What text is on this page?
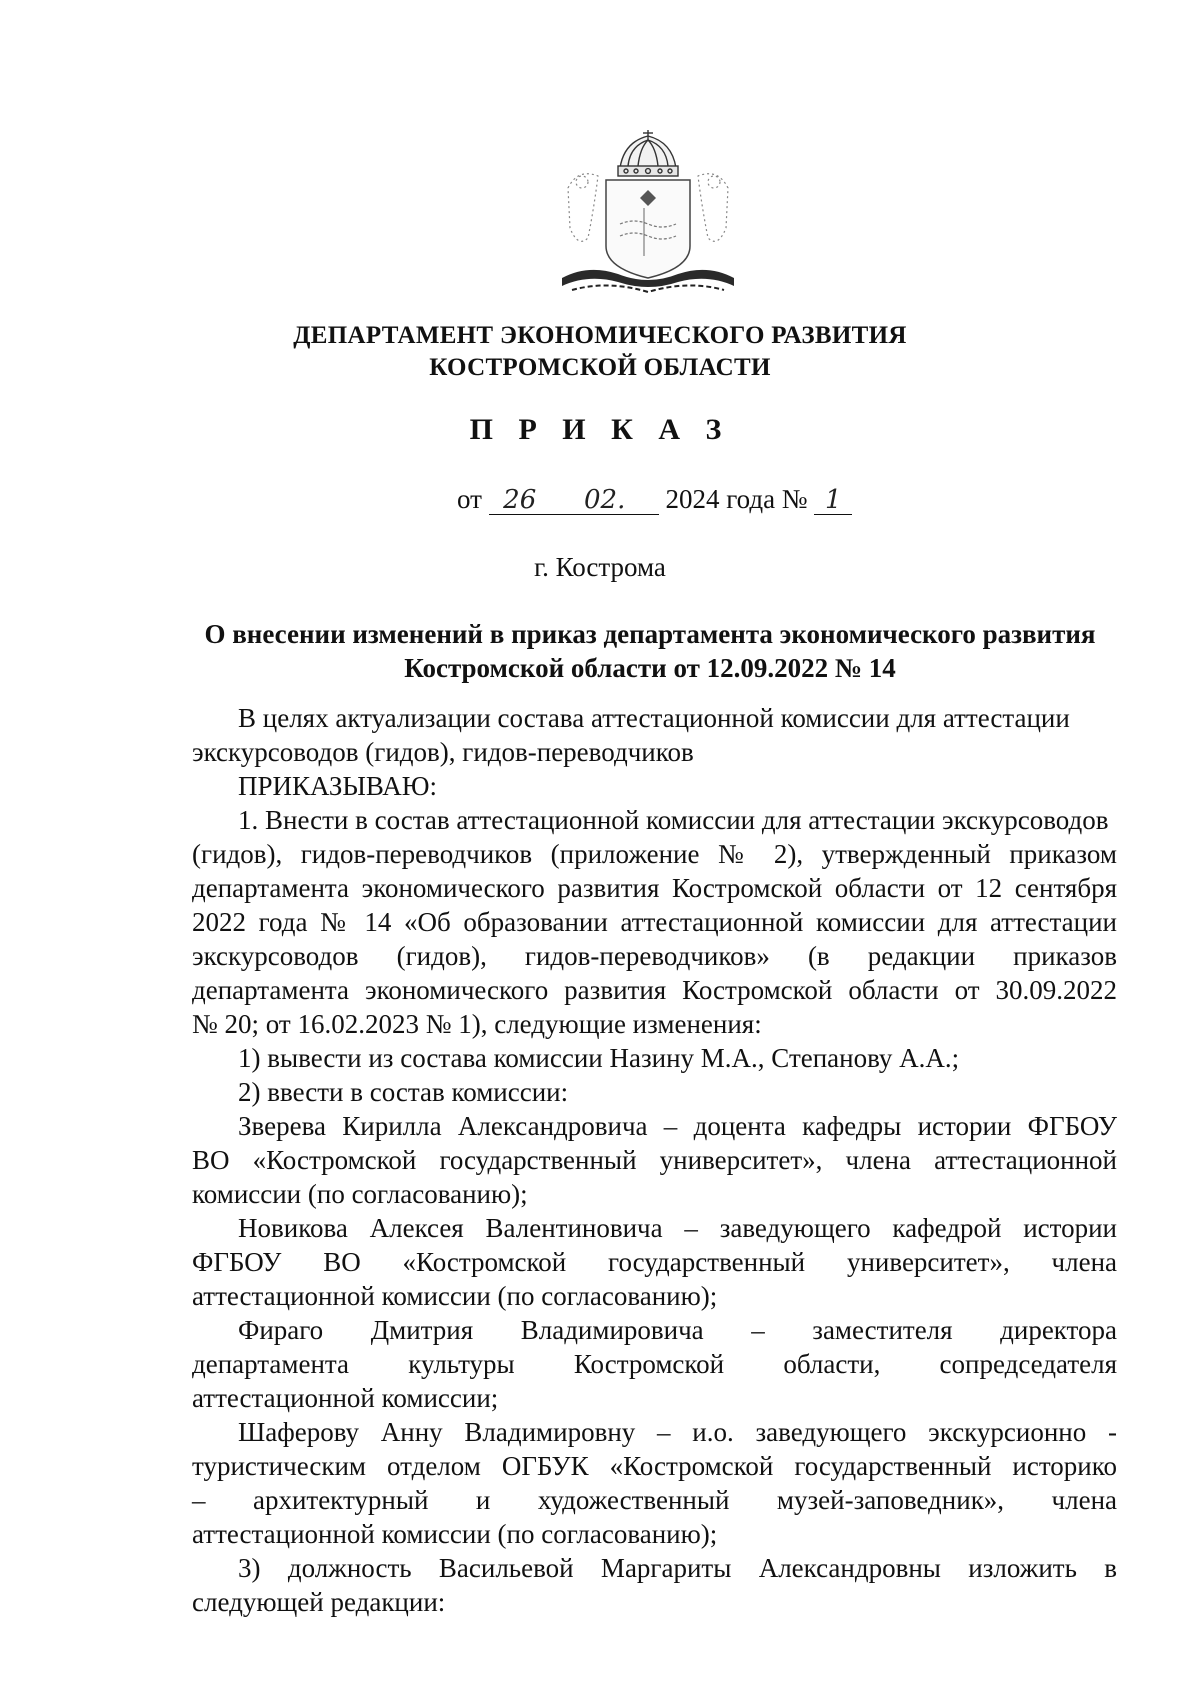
ДЕПАРТАМЕНТ ЭКОНОМИЧЕСКОГО РАЗВИТИЯ
КОСТРОМСКОЙ ОБЛАСТИ
П Р И К А З
от 26 02. 2024 года № 1
г. Кострома
О внесении изменений в приказ департамента экономического развития
Костромской области от 12.09.2022 № 14
В целях актуализации состава аттестационной комиссии для аттестации
экскурсоводов (гидов), гидов-переводчиков
ПРИКАЗЫВАЮ:
1. Внести в состав аттестационной комиссии для аттестации экскурсоводов
(гидов), гидов-переводчиков (приложение № 2), утвержденный приказом
департамента экономического развития Костромской области от 12 сентября
2022 года № 14 «Об образовании аттестационной комиссии для аттестации
экскурсоводов (гидов), гидов-переводчиков» (в редакции приказов
департамента экономического развития Костромской области от 30.09.2022
№ 20; от 16.02.2023 № 1), следующие изменения:
1) вывести из состава комиссии Назину М.А., Степанову А.А.;
2) ввести в состав комиссии:
Зверева Кирилла Александровича – доцента кафедры истории ФГБОУ
ВО «Костромской государственный университет», члена аттестационной
комиссии (по согласованию);
Новикова Алексея Валентиновича – заведующего кафедрой истории
ФГБОУ ВО «Костромской государственный университет», члена
аттестационной комиссии (по согласованию);
Фираго Дмитрия Владимировича – заместителя директора
департамента культуры Костромской области, сопредседателя
аттестационной комиссии;
Шаферову Анну Владимировну – и.о. заведующего экскурсионно -
туристическим отделом ОГБУК «Костромской государственный историко
– архитектурный и художественный музей-заповедник», члена
аттестационной комиссии (по согласованию);
3) должность Васильевой Маргариты Александровны изложить в
следующей редакции:
